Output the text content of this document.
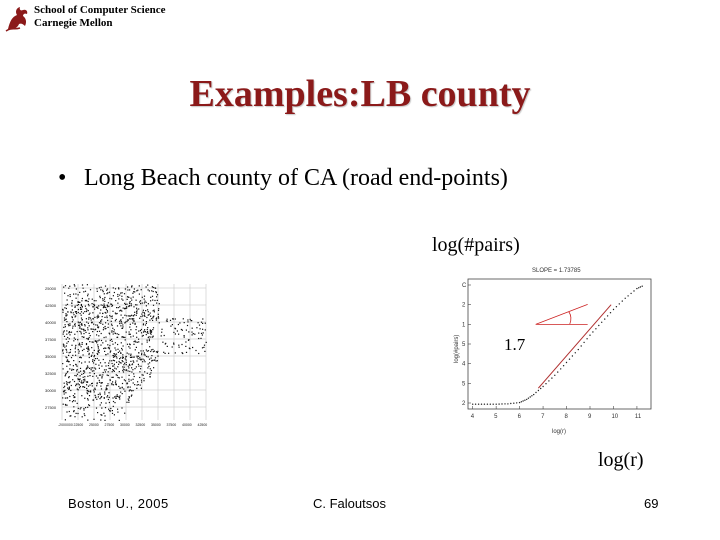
School of Computer Science
Carnegie Mellon
Examples:LB county
• Long Beach county of CA (road end-points)
25000
42500
40000
37500
35000
32500
30000
27500
-2000000 22500 25000 27500 30000 32500 35000 37500 40000 42500
log(#pairs)
SLOPE = 1.73785
4	5	6	7	8	9	10	11
C
2
1
5
4
5
2
log(r)
log(#pairs)	1.7
log(r)
Boston U., 2005	C. Faloutsos	69
